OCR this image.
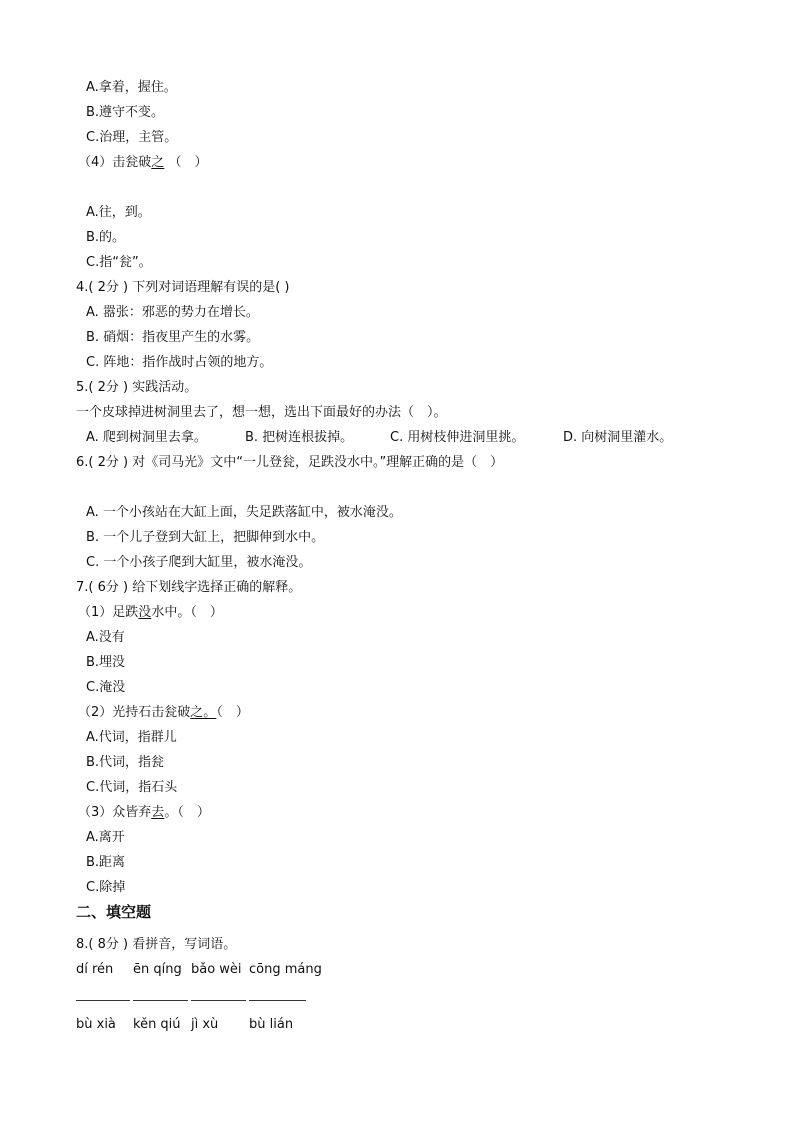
A.拿着，握住。
B.遵守不变。
C.治理，主管。
（4）击瓮破之 （　）
A.往，到。
B.的。
C.指“瓮”。
4.( 2分 ) 下列对词语理解有误的是( )
A. 嚣张：邪恶的势力在增长。
B. 硝烟：指夜里产生的水雾。
C. 阵地：指作战时占领的地方。
5.( 2分 ) 实践活动。
一个皮球掉进树洞里去了，想一想，选出下面最好的办法（　）。
A. 爬到树洞里去拿。	B. 把树连根拔掉。	C. 用树枝伸进洞里挑。	D. 向树洞里灌水。
6.( 2分 ) 对《司马光》文中“一儿登瓮，足跌没水中。”理解正确的是（　）
A. 一个小孩站在大缸上面，失足跌落缸中，被水淹没。
B. 一个儿子登到大缸上，把脚伸到水中。
C. 一个小孩子爬到大缸里，被水淹没。
7.( 6分 ) 给下划线字选择正确的解释。
（1）足跌没水中。（　）
A.没有
B.埋没
C.淹没
（2）光持石击瓮破之。（　）
A.代词，指群儿
B.代词，指瓮
C.代词，指石头
（3）众皆弃去。（　）
A.离开
B.距离
C.除掉
二、填空题
8.( 8分 ) 看拼音，写词语。
dí rén ēn qíng bǎo wèi cōng máng
bù xià kěn qiú jì xù bù lián
